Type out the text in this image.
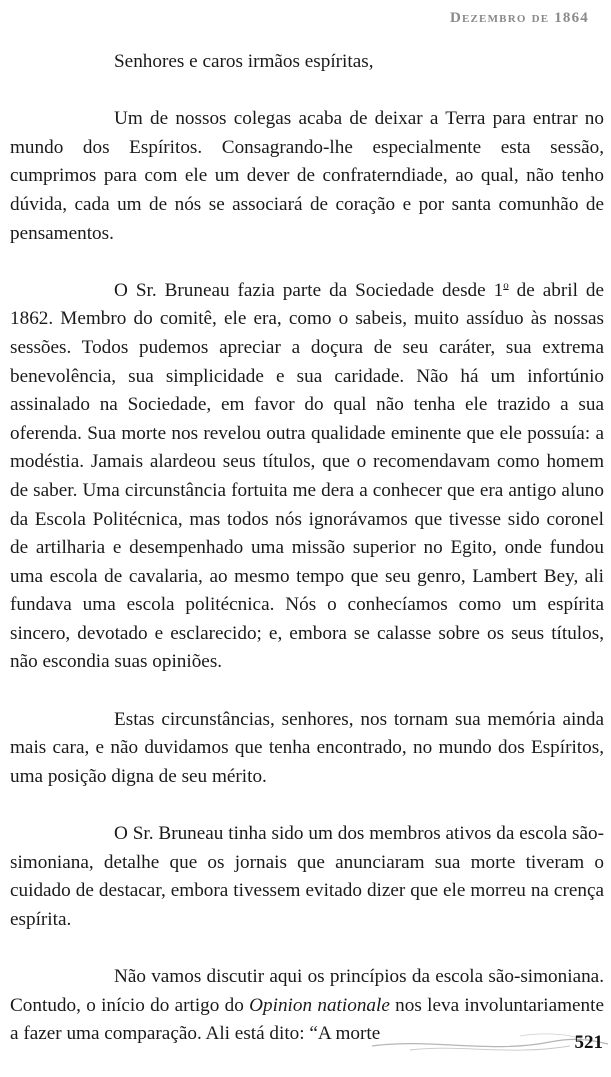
Dezembro de 1864

Senhores e caros irmãos espíritas,

Um de nossos colegas acaba de deixar a Terra para entrar no mundo dos Espíritos. Consagrando-lhe especialmente esta sessão, cumprimos para com ele um dever de confraterndiade, ao qual, não tenho dúvida, cada um de nós se associará de coração e por santa comunhão de pensamentos.

O Sr. Bruneau fazia parte da Sociedade desde 1$^o$ de abril de 1862. Membro do comitê, ele era, como o sabeis, muito assíduo às nossas sessões. Todos pudemos apreciar a doçura de seu caráter, sua extrema benevolência, sua simplicidade e sua caridade. Não há um infortúnio assinalado na Sociedade, em favor do qual não tenha ele trazido a sua oferenda. Sua morte nos revelou outra qualidade eminente que ele possuía: a modéstia. Jamais alardeou seus títulos, que o recomendavam como homem de saber. Uma circunstância fortuita me dera a conhecer que era antigo aluno da Escola Politécnica, mas todos nós ignorávamos que tivesse sido coronel de artilharia e desempenhado uma missão superior no Egito, onde fundou uma escola de cavalaria, ao mesmo tempo que seu genro, Lambert Bey, ali fundava uma escola politécnica. Nós o conhecíamos como um espírita sincero, devotado e esclarecido; e, embora se calasse sobre os seus títulos, não escondia suas opiniões.

Estas circunstâncias, senhores, nos tornam sua memória ainda mais cara, e não duvidamos que tenha encontrado, no mundo dos Espíritos, uma posição digna de seu mérito.

O Sr. Bruneau tinha sido um dos membros ativos da escola são-simoniana, detalhe que os jornais que anunciaram sua morte tiveram o cuidado de destacar, embora tivessem evitado dizer que ele morreu na crença espírita.

Não vamos discutir aqui os princípios da escola são-simoniana. Contudo, o início do artigo do Opinion nationale nos leva involuntariamente a fazer uma comparação. Ali está dito: “A morte	521
